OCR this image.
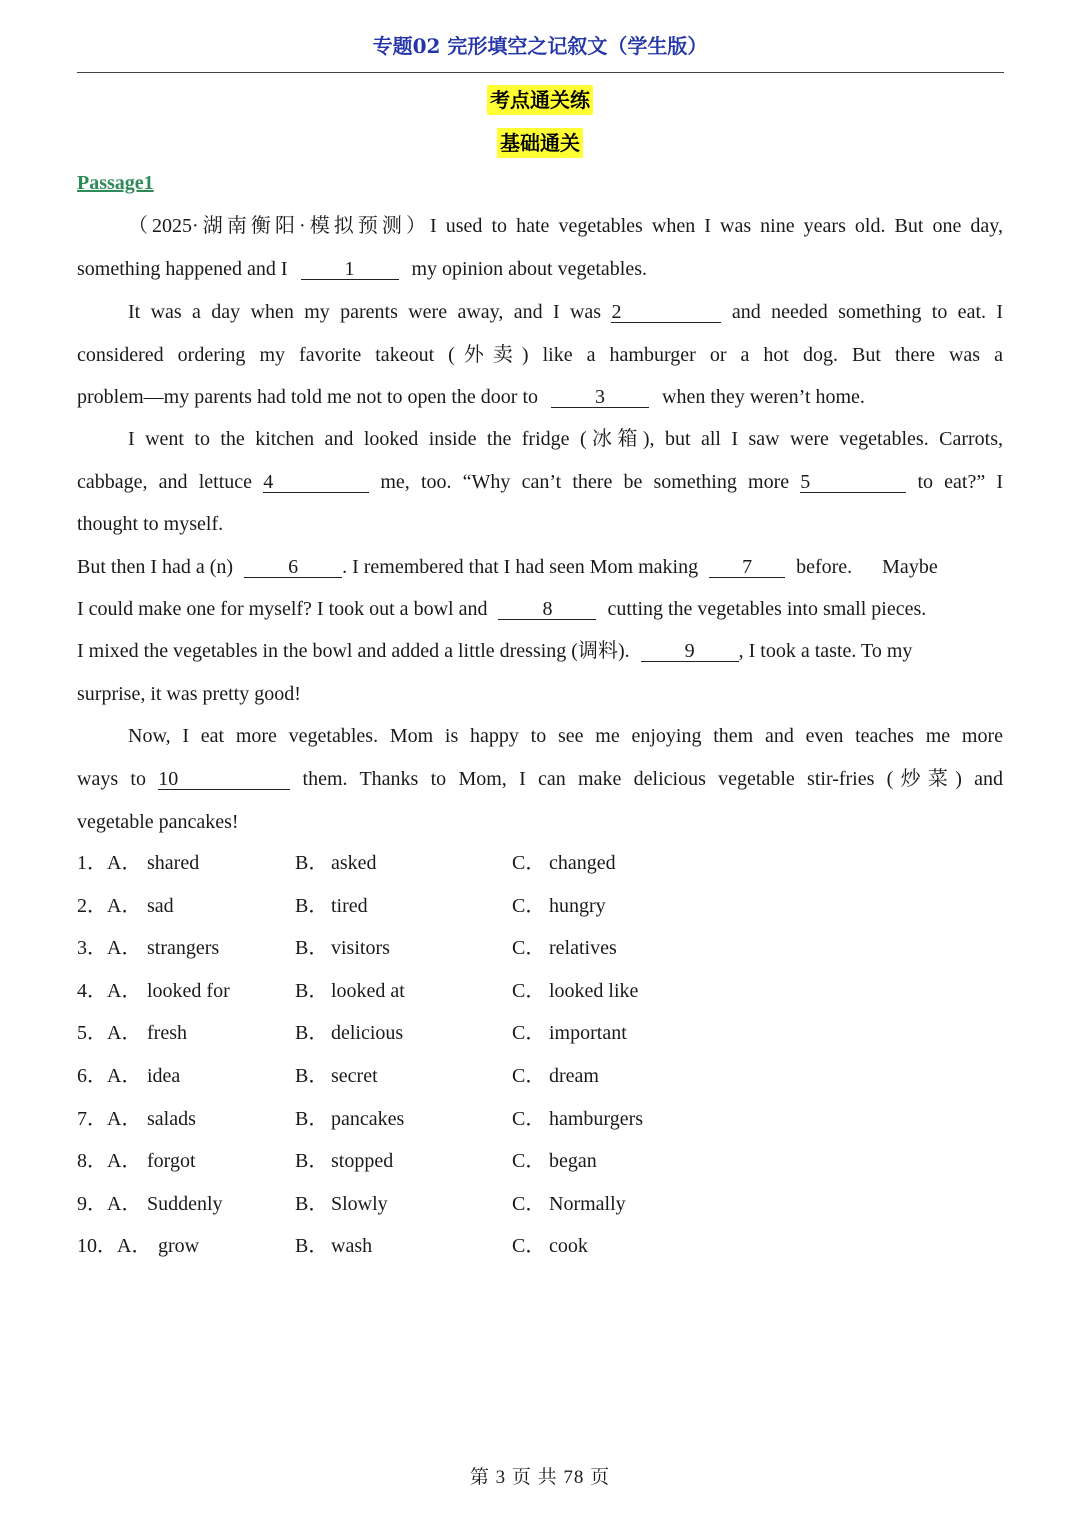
专题02 完形填空之记叙文（学生版）
考点通关练
基础通关
Passage1
（2025·湖南衡阳·模拟预测）I used to hate vegetables when I was nine years old. But one day,
something happened and I	1	my opinion about vegetables.
It was a day when my parents were away, and I was 2	and needed something to eat. I
considered ordering my favorite takeout (外卖) like a hamburger or a hot dog. But there was a
problem—my parents had told me not to open the door to	3	when they weren’t home.
I went to the kitchen and looked inside the fridge (冰箱), but all I saw were vegetables. Carrots,
cabbage, and lettuce 4	me, too. “Why can’t there be something more 5	to eat?” I
thought to myself.
But then I had a (n)	6 . I remembered that I had seen Mom making 7 before.      Maybe
I could make one for myself? I took out a bowl and	8	cutting the vegetables into small pieces.
I mixed the vegetables in the bowl and added a little dressing (调料).	9 , I took a taste. To my
surprise, it was pretty good!
Now, I eat more vegetables. Mom is happy to see me enjoying them and even teaches me more
ways to 10	them. Thanks to Mom, I can make delicious vegetable stir-fries (炒菜) and
vegetable pancakes!
1．A． shared	B． asked	C． changed
2．A． sad	B． tired	C． hungry
3．A． strangers	B． visitors	C． relatives
4．A． looked for	B． looked at	C． looked like
5．A． fresh	B． delicious	C． important
6．A． idea	B． secret	C． dream
7．A． salads	B． pancakes	C． hamburgers
8．A． forgot	B． stopped	C． began
9．A． Suddenly	B． Slowly	C． Normally
10．A． grow	B． wash	C． cook
第 3 页 共 78 页
